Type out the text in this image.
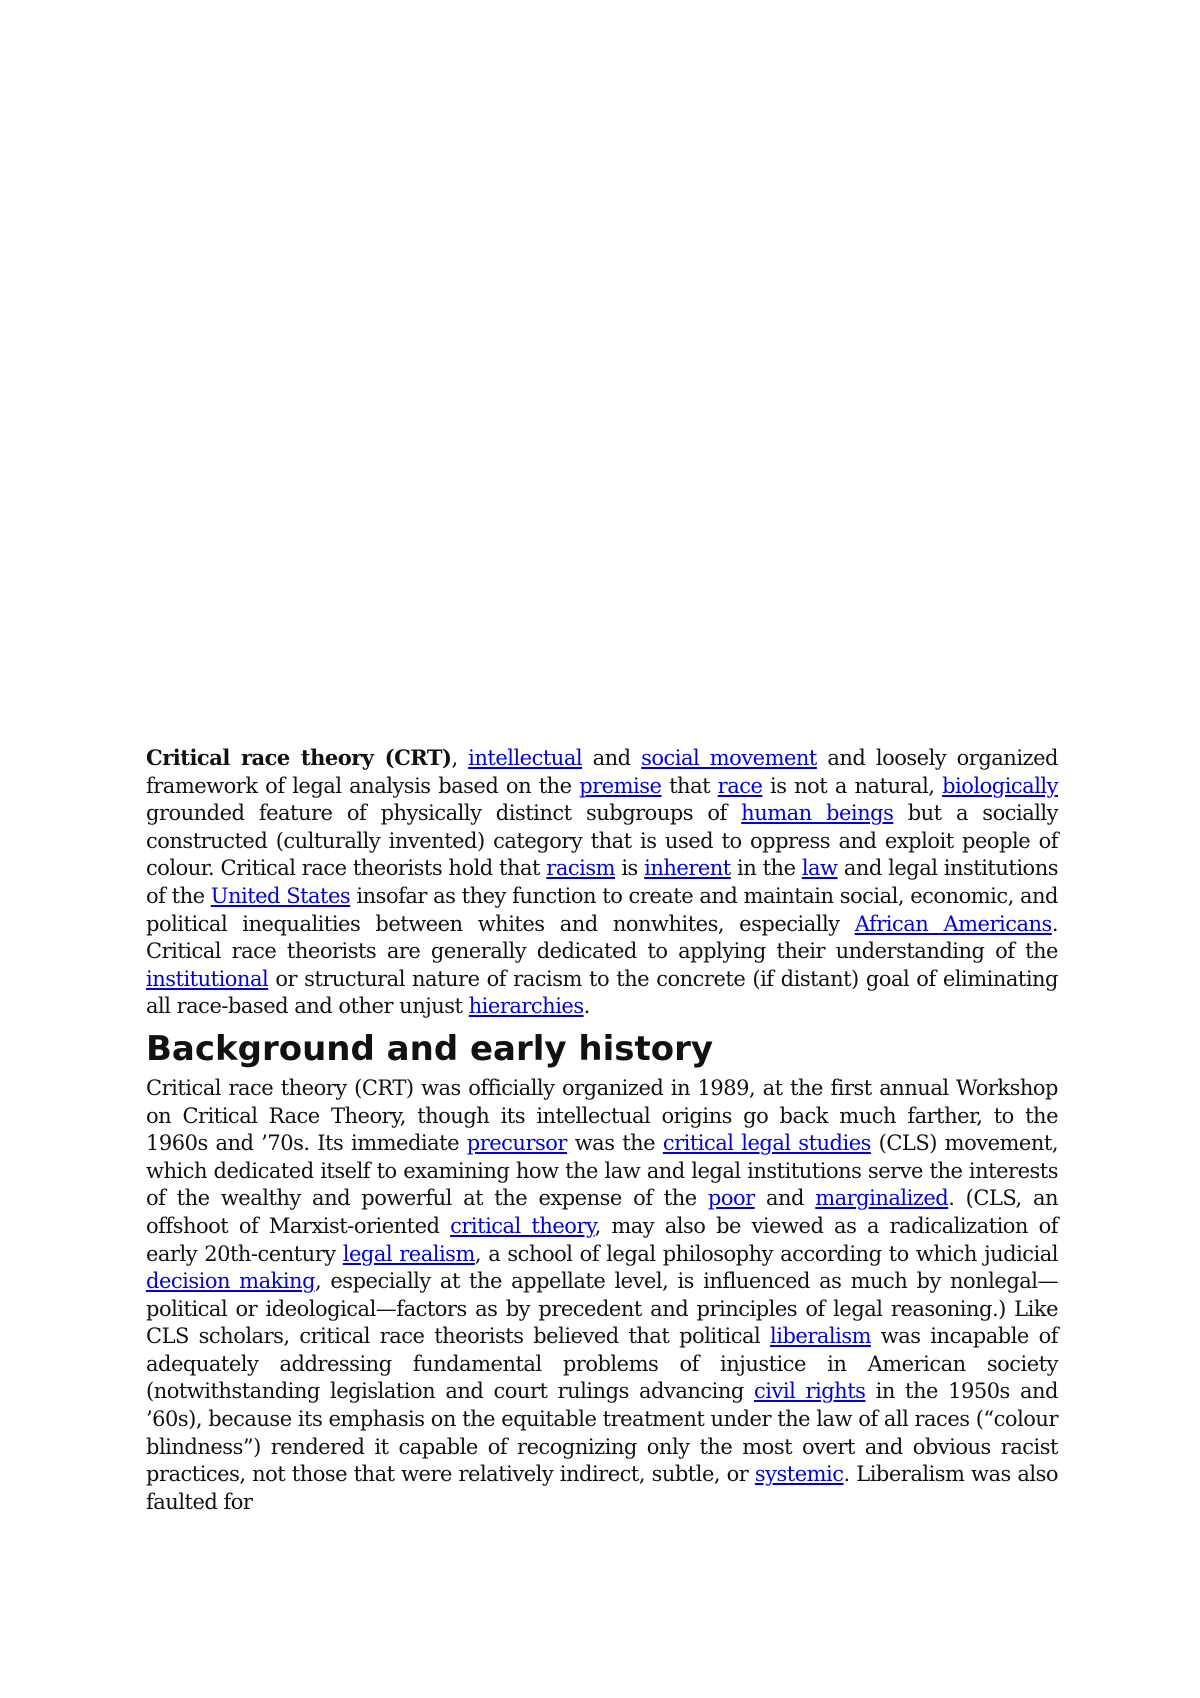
Critical race theory (CRT), intellectual and social movement and loosely organized framework of legal analysis based on the premise that race is not a natural, biologically grounded feature of physically distinct subgroups of human beings but a socially constructed (culturally invented) category that is used to oppress and exploit people of colour. Critical race theorists hold that racism is inherent in the law and legal institutions of the United States insofar as they function to create and maintain social, economic, and political inequalities between whites and nonwhites, especially African Americans. Critical race theorists are generally dedicated to applying their understanding of the institutional or structural nature of racism to the concrete (if distant) goal of eliminating all race-based and other unjust hierarchies.

Background and early history

Critical race theory (CRT) was officially organized in 1989, at the first annual Workshop on Critical Race Theory, though its intellectual origins go back much farther, to the 1960s and ’70s. Its immediate precursor was the critical legal studies (CLS) movement, which dedicated itself to examining how the law and legal institutions serve the interests of the wealthy and powerful at the expense of the poor and marginalized. (CLS, an offshoot of Marxist-oriented critical theory, may also be viewed as a radicalization of early 20th-century legal realism, a school of legal philosophy according to which judicial decision making, especially at the appellate level, is influenced as much by nonlegal—political or ideological—factors as by precedent and principles of legal reasoning.) Like CLS scholars, critical race theorists believed that political liberalism was incapable of adequately addressing fundamental problems of injustice in American society (notwithstanding legislation and court rulings advancing civil rights in the 1950s and ’60s), because its emphasis on the equitable treatment under the law of all races (“colour blindness”) rendered it capable of recognizing only the most overt and obvious racist practices, not those that were relatively indirect, subtle, or systemic. Liberalism was also faulted for
